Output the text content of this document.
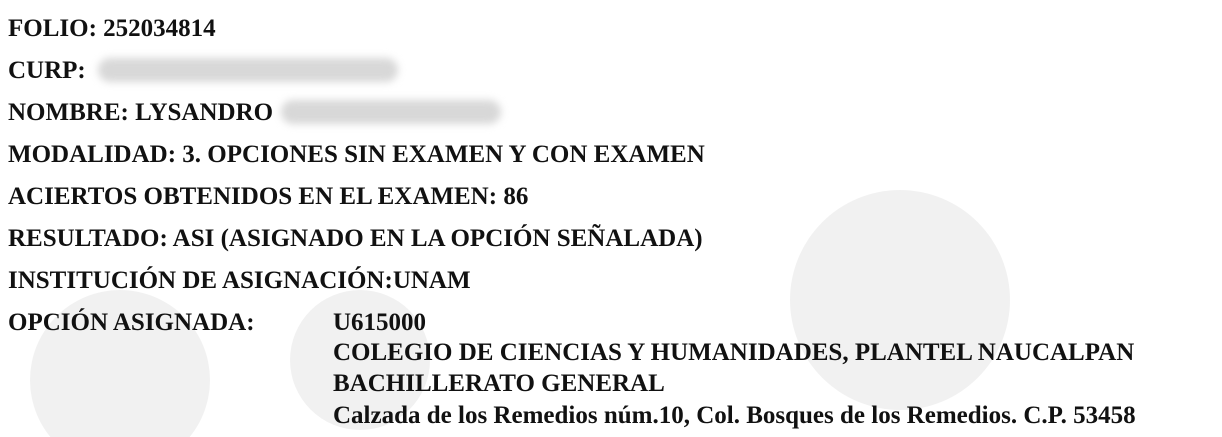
FOLIO: 252034814
CURP:
NOMBRE: LYSANDRO
MODALIDAD: 3. OPCIONES SIN EXAMEN Y CON EXAMEN
ACIERTOS OBTENIDOS EN EL EXAMEN: 86
RESULTADO: ASI (ASIGNADO EN LA OPCIÓN SEÑALADA)
INSTITUCIÓN DE ASIGNACIÓN:UNAM
OPCIÓN ASIGNADA:	U615000
COLEGIO DE CIENCIAS Y HUMANIDADES, PLANTEL NAUCALPAN
BACHILLERATO GENERAL
Calzada de los Remedios núm.10, Col. Bosques de los Remedios. C.P. 53458
